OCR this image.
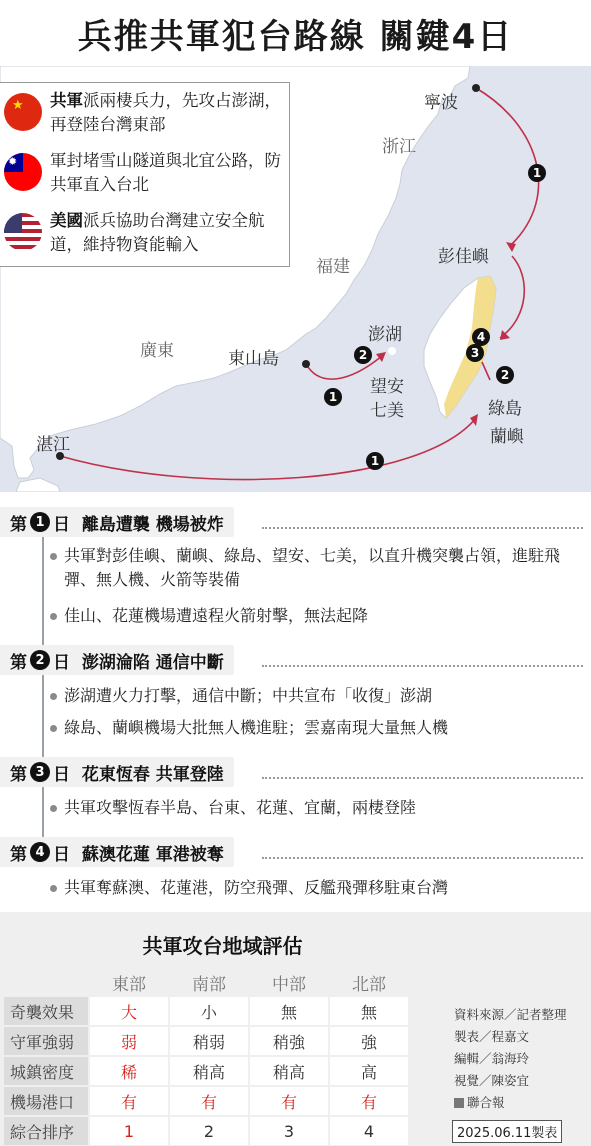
兵推共軍犯台路線 關鍵4日
★ 共軍派兩棲兵力，先攻占澎湖，再登陸台灣東部
✹ 軍封堵雪山隧道與北宜公路，防共軍直入台北
美國派兵協助台灣建立安全航道，維持物資能輸入
寧波
浙江
福建
廣東	東山島
澎湖
望安
七美
湛江
彭佳嶼
綠島
蘭嶼
1
2
1
1
4
3
2
第 1 日
離島遭襲 機場被炸
共軍對彭佳嶼、蘭嶼、綠島、望安、七美，以直升機突襲占領，進駐飛彈、無人機、火箭等裝備
佳山、花蓮機場遭遠程火箭射擊，無法起降
第 2 日
澎湖淪陷 通信中斷
澎湖遭火力打擊，通信中斷；中共宣布「收復」澎湖
綠島、蘭嶼機場大批無人機進駐；雲嘉南現大量無人機
第 3 日
花東恆春 共軍登陸
共軍攻擊恆春半島、台東、花蓮、宜蘭，兩棲登陸
第 4 日
蘇澳花蓮 軍港被奪
共軍奪蘇澳、花蓮港，防空飛彈、反艦飛彈移駐東台灣
共軍攻台地域評估
	東部	南部	中部	北部
奇襲效果	大	小	無	無
守軍強弱	弱	稍弱	稍強	強
城鎮密度	稀	稍高	稍高	高
機場港口	有	有	有	有
綜合排序	1	2	3	4
資料來源／記者整理
製表／程嘉文
編輯／翁海玲
視覺／陳姿宜
聯合報
2025.06.11製表
